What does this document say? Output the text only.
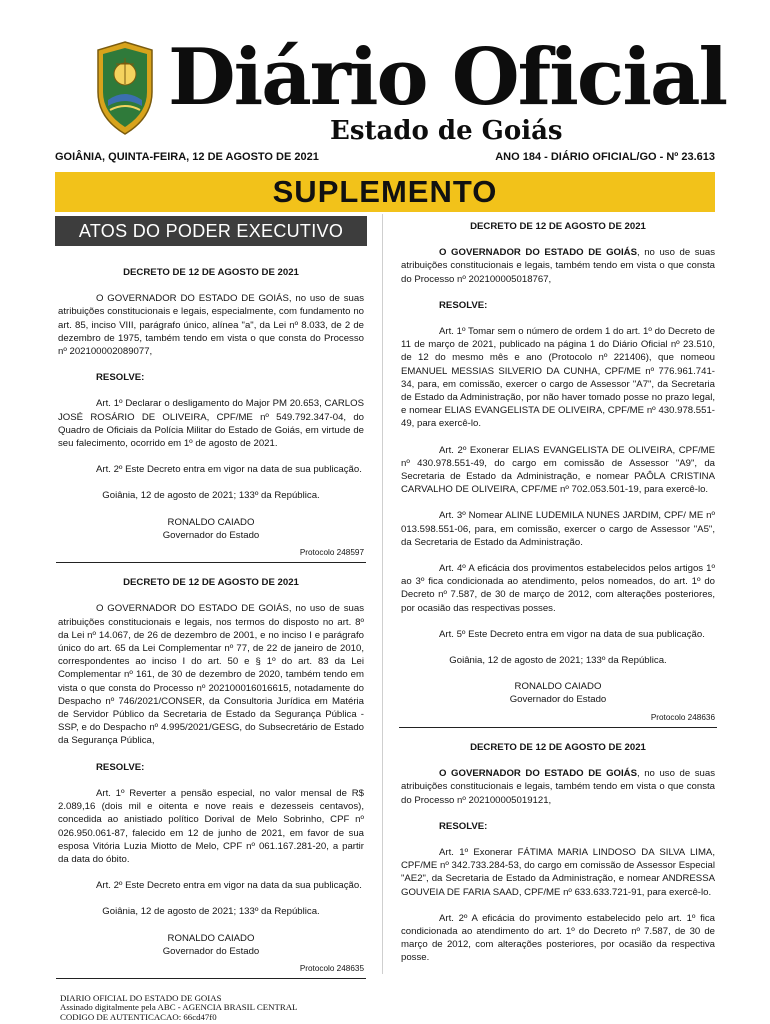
Diário Oficial
Estado de Goiás
GOIÂNIA, QUINTA-FEIRA, 12 DE AGOSTO DE 2021	ANO 184 - DIÁRIO OFICIAL/GO - Nº 23.613
SUPLEMENTO
ATOS DO PODER EXECUTIVO

DECRETO DE 12 DE AGOSTO DE 2021

O GOVERNADOR DO ESTADO DE GOIÁS, no uso de suas atribuições constitucionais e legais, especialmente, com fundamento no art. 85, inciso VIII, parágrafo único, alínea "a", da Lei nº 8.033, de 2 de dezembro de 1975, também tendo em vista o que consta do Processo nº 202100002089077,

RESOLVE:

Art. 1º Declarar o desligamento do Major PM 20.653, CARLOS JOSÉ ROSÁRIO DE OLIVEIRA, CPF/ME nº 549.792.347-04, do Quadro de Oficiais da Polícia Militar do Estado de Goiás, em virtude de seu falecimento, ocorrido em 1º de agosto de 2021.

Art. 2º Este Decreto entra em vigor na data de sua publicação.

Goiânia, 12 de agosto de 2021; 133º da República.

RONALDO CAIADO

Governador do Estado

Protocolo 248597

DECRETO DE 12 DE AGOSTO DE 2021

O GOVERNADOR DO ESTADO DE GOIÁS, no uso de suas atribuições constitucionais e legais, nos termos do disposto no art. 8º da Lei nº 14.067, de 26 de dezembro de 2001, e no inciso I e parágrafo único do art. 65 da Lei Complementar nº 77, de 22 de janeiro de 2010, correspondentes ao inciso I do art. 50 e § 1º do art. 83 da Lei Complementar nº 161, de 30 de dezembro de 2020, também tendo em vista o que consta do Processo nº 202100016016615, notadamente do Despacho nº 746/2021/CONSER, da Consultoria Jurídica em Matéria de Servidor Público da Secretaria de Estado da Segurança Pública - SSP, e do Despacho nº 4.995/2021/GESG, do Subsecretário de Estado da Segurança Pública,

RESOLVE:

Art. 1º Reverter a pensão especial, no valor mensal de R$ 2.089,16 (dois mil e oitenta e nove reais e dezesseis centavos), concedida ao anistiado político Dorival de Melo Sobrinho, CPF nº 026.950.061-87, falecido em 12 de junho de 2021, em favor de sua esposa Vitória Luzia Miotto de Melo, CPF nº 061.167.281-20, a partir da data do óbito.

Art. 2º Este Decreto entra em vigor na data da sua publicação.

Goiânia, 12 de agosto de 2021; 133º da República.

RONALDO CAIADO

Governador do Estado

Protocolo 248635

DECRETO DE 12 DE AGOSTO DE 2021

O GOVERNADOR DO ESTADO DE GOIÁS, no uso de suas atribuições constitucionais e legais, também tendo em vista o que consta do Processo nº 202100005018767,

RESOLVE:

Art. 1º Tomar sem o número de ordem 1 do art. 1º do Decreto de 11 de março de 2021, publicado na página 1 do Diário Oficial nº 23.510, de 12 do mesmo mês e ano (Protocolo nº 221406), que nomeou EMANUEL MESSIAS SILVERIO DA CUNHA, CPF/ME nº 776.961.741-34, para, em comissão, exercer o cargo de Assessor "A7", da Secretaria de Estado da Administração, por não haver tomado posse no prazo legal, e nomear ELIAS EVANGELISTA DE OLIVEIRA, CPF/ME nº 430.978.551-49, para exercê-lo.

Art. 2º Exonerar ELIAS EVANGELISTA DE OLIVEIRA, CPF/ME nº 430.978.551-49, do cargo em comissão de Assessor "A9", da Secretaria de Estado da Administração, e nomear PAÔLA CRISTINA CARVALHO DE OLIVEIRA, CPF/ME nº 702.053.501-19, para exercê-lo.

Art. 3º Nomear ALINE LUDEMILA NUNES JARDIM, CPF/ ME nº 013.598.551-06, para, em comissão, exercer o cargo de Assessor "A5", da Secretaria de Estado da Administração.

Art. 4º A eficácia dos provimentos estabelecidos pelos artigos 1º ao 3º fica condicionada ao atendimento, pelos nomeados, do art. 1º do Decreto nº 7.587, de 30 de março de 2012, com alterações posteriores, por ocasião das respectivas posses.

Art. 5º Este Decreto entra em vigor na data de sua publicação.

Goiânia, 12 de agosto de 2021; 133º da República.

RONALDO CAIADO

Governador do Estado

Protocolo 248636

DECRETO DE 12 DE AGOSTO DE 2021

O GOVERNADOR DO ESTADO DE GOIÁS, no uso de suas atribuições constitucionais e legais, também tendo em vista o que consta do Processo nº 202100005019121,

RESOLVE:

Art. 1º Exonerar FÁTIMA MARIA LINDOSO DA SILVA LIMA, CPF/ME nº 342.733.284-53, do cargo em comissão de Assessor Especial "AE2", da Secretaria de Estado da Administração, e nomear ANDRESSA GOUVEIA DE FARIA SAAD, CPF/ME nº 633.633.721-91, para exercê-lo.

Art. 2º A eficácia do provimento estabelecido pelo art. 1º fica condicionada ao atendimento do art. 1º do Decreto nº 7.587, de 30 de março de 2012, com alterações posteriores, por ocasião da respectiva posse.

DIARIO OFICIAL DO ESTADO DE GOIAS
Assinado digitalmente pela ABC - AGENCIA BRASIL CENTRAL
CODIGO DE AUTENTICACAO: 66cd47f0
